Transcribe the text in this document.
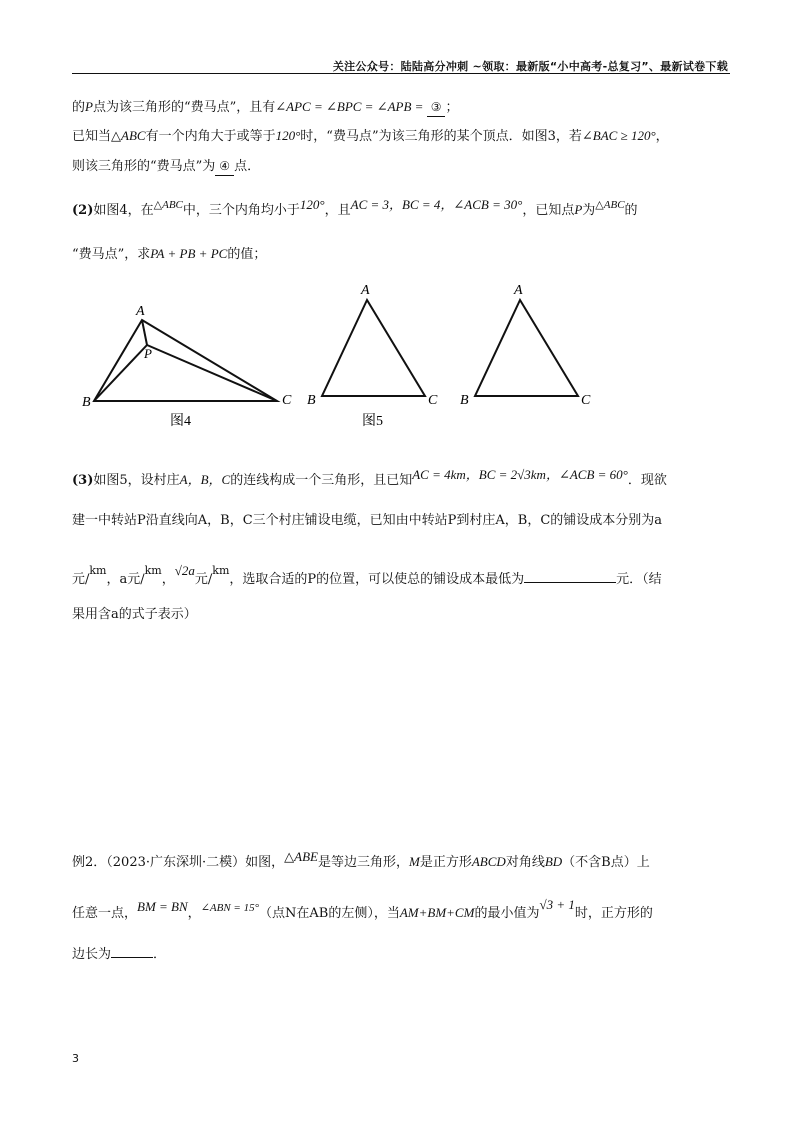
关注公众号：陆陆高分冲刺 ~领取：最新版“小中高考-总复习”、最新试卷下载
的P点为该三角形的“费马点”，且有∠APC = ∠BPC = ∠APB = ③ ；
已知当△ABC有一个内角大于或等于120°时，“费马点”为该三角形的某个顶点．如图3，若∠BAC ≥ 120°，
则该三角形的“费马点”为 ④ 点．
(2)如图4，在$^{\triangle ABC}$中，三个内角均小于120°，且AC = 3，BC = 4，∠ACB = 30°，已知点P为$^{\triangle ABC}$的
“费马点”，求PA + PB + PC的值；
A
P
B	C
图4
A
B	C
图5
A
B	C
(3)如图5，设村庄A，B，C的连线构成一个三角形，且已知AC = 4km，BC = 2√3km，∠ACB = 60°．现欲
建一中转站P沿直线向A，B，C三个村庄铺设电缆，已知由中转站P到村庄A，B，C的铺设成本分别为a
元/$^{km}$，a元/$^{km}$，√2a元/$^{km}$，选取合适的P的位置，可以使总的铺设成本最低为	元．（结
果用含a的式子表示）
例2．（2023·广东深圳·二模）如图，△ABE是等边三角形，M是正方形ABCD对角线BD（不含B点）上
任意一点，BM = BN，$^{\angle ABN = 15^\circ}$（点N在AB的左侧），当AM+BM+CM的最小值为√3 + 1时，正方形的
边长为	．
3
